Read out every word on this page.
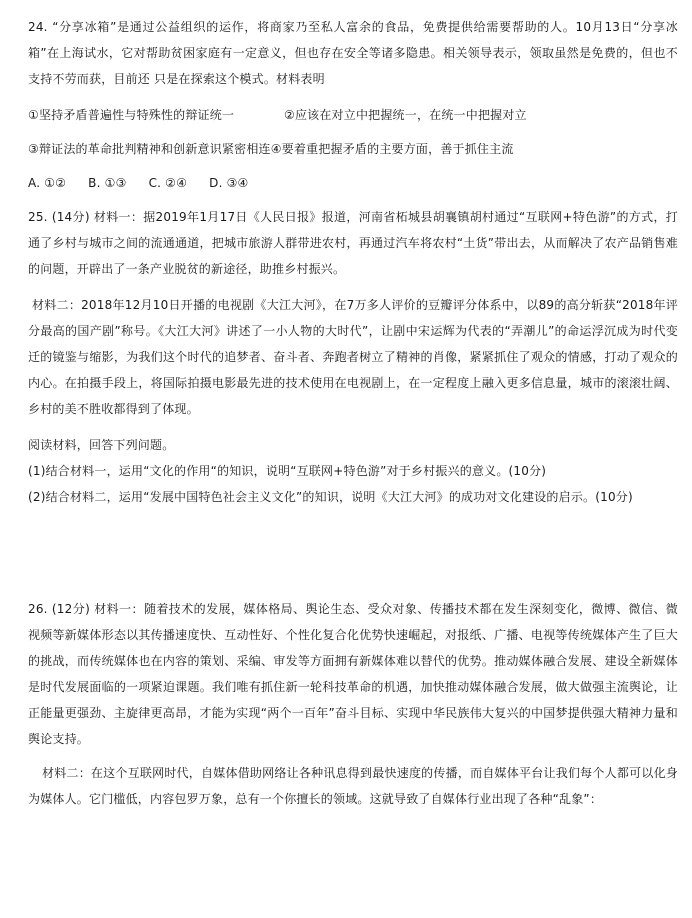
24. “分享冰箱”是通过公益组织的运作，将商家乃至私人富余的食品，免费提供给需要帮助的人。10月13日“分享冰箱”在上海试水，它对帮助贫困家庭有一定意义，但也存在安全等诸多隐患。相关领导表示，领取虽然是免费的，但也不支持不劳而获，目前还 只是在探索这个模式。材料表明

①坚持矛盾普遍性与特殊性的辩证统一	②应该在对立中把握统一，在统一中把握对立

③辩证法的革命批判精神和创新意识紧密相连④要着重把握矛盾的主要方面，善于抓住主流

A. ①② B. ①③ C. ②④ D. ③④

25. (14分) 材料一：据2019年1月17日《人民日报》报道，河南省柘城县胡襄镇胡村通过“互联网+特色游”的方式，打通了乡村与城市之间的流通通道，把城市旅游人群带进农村，再通过汽车将农村“土货”带出去，从而解决了农产品销售难的问题，开辟出了一条产业脱贫的新途径，助推乡村振兴。

材料二：2018年12月10日开播的电视剧《大江大河》，在7万多人评价的豆瓣评分体系中，以89的高分斩获“2018年评分最高的国产剧”称号。《大江大河》讲述了一小人物的大时代”，让剧中宋运辉为代表的“弄潮儿”的命运浮沉成为时代变迁的镜鉴与缩影，为我们这个时代的追梦者、奋斗者、奔跑者树立了精神的肖像，紧紧抓住了观众的情感，打动了观众的内心。在拍摄手段上，将国际拍摄电影最先进的技术使用在电视剧上，在一定程度上融入更多信息量，城市的滚滚壮阔、乡村的美不胜收都得到了体现。

阅读材料，回答下列问题。

(1)结合材料一，运用“文化的作用“的知识，说明“互联网+特色游”对于乡村振兴的意义。(10分)

(2)结合材料二，运用“发展中国特色社会主义文化”的知识，说明《大江大河》的成功对文化建设的启示。(10分)

26. (12分) 材料一：随着技术的发展，媒体格局、舆论生态、受众对象、传播技术都在发生深刻变化，微博、微信、微视频等新媒体形态以其传播速度快、互动性好、个性化复合化优势快速崛起，对报纸、广播、电视等传统媒体产生了巨大的挑战，而传统媒体也在内容的策划、采编、审发等方面拥有新媒体难以替代的优势。推动媒体融合发展、建设全新媒体是时代发展面临的一项紧迫课题。我们唯有抓住新一轮科技革命的机遇，加快推动媒体融合发展，做大做强主流舆论，让正能量更强劲、主旋律更高昂，才能为实现“两个一百年”奋斗目标、实现中华民族伟大复兴的中国梦提供强大精神力量和舆论支持。

材料二：在这个互联网时代，自媒体借助网络让各种讯息得到最快速度的传播，而自媒体平台让我们每个人都可以化身为媒体人。它门槛低，内容包罗万象，总有一个你擅长的领域。这就导致了自媒体行业出现了各种“乱象”：
